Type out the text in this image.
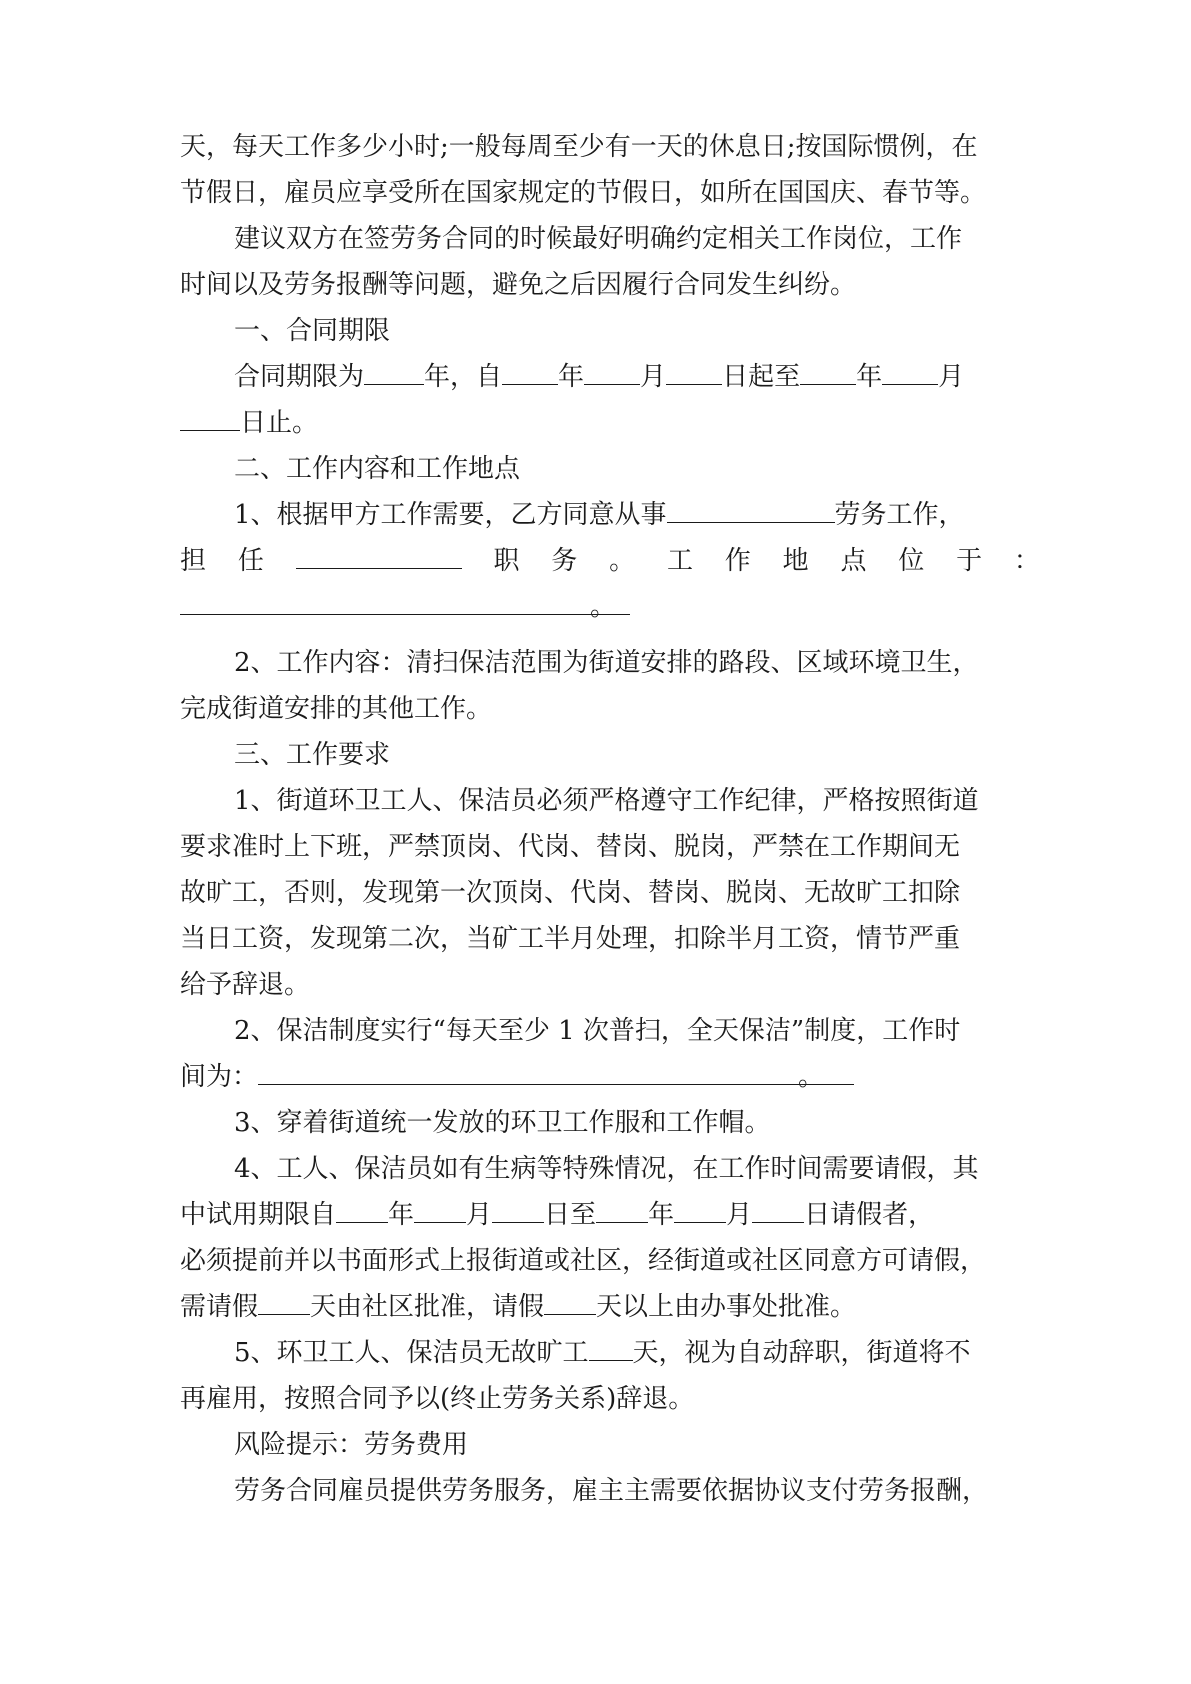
天，每天工作多少小时;一般每周至少有一天的休息日;按国际惯例，在
节假日，雇员应享受所在国家规定的节假日，如所在国国庆、春节等。
建议双方在签劳务合同的时候最好明确约定相关工作岗位，工作
时间以及劳务报酬等问题，避免之后因履行合同发生纠纷。
一、合同期限
合同期限为 年，自 年 月 日起至 年 月
日止。
二、工作内容和工作地点
1、根据甲方工作需要，乙方同意从事	劳务工作，
担 任	职 务 。 工 作 地 点 位 于 ：
。
2、工作内容：清扫保洁范围为街道安排的路段、区域环境卫生，
完成街道安排的其他工作。
三、工作要求
1、街道环卫工人、保洁员必须严格遵守工作纪律，严格按照街道
要求准时上下班，严禁顶岗、代岗、替岗、脱岗，严禁在工作期间无
故旷工，否则，发现第一次顶岗、代岗、替岗、脱岗、无故旷工扣除
当日工资，发现第二次，当矿工半月处理，扣除半月工资，情节严重
给予辞退。
2、保洁制度实行“每天至少 1 次普扫，全天保洁”制度，工作时
间为：	。
3、穿着街道统一发放的环卫工作服和工作帽。
4、工人、保洁员如有生病等特殊情况，在工作时间需要请假，其
中试用期限自 年 月 日至 年 月 日请假者，
必须提前并以书面形式上报街道或社区，经街道或社区同意方可请假，
需请假 天由社区批准，请假 天以上由办事处批准。
5、环卫工人、保洁员无故旷工 天，视为自动辞职，街道将不
再雇用，按照合同予以(终止劳务关系)辞退。
风险提示：劳务费用
劳务合同雇员提供劳务服务，雇主主需要依据协议支付劳务报酬，
